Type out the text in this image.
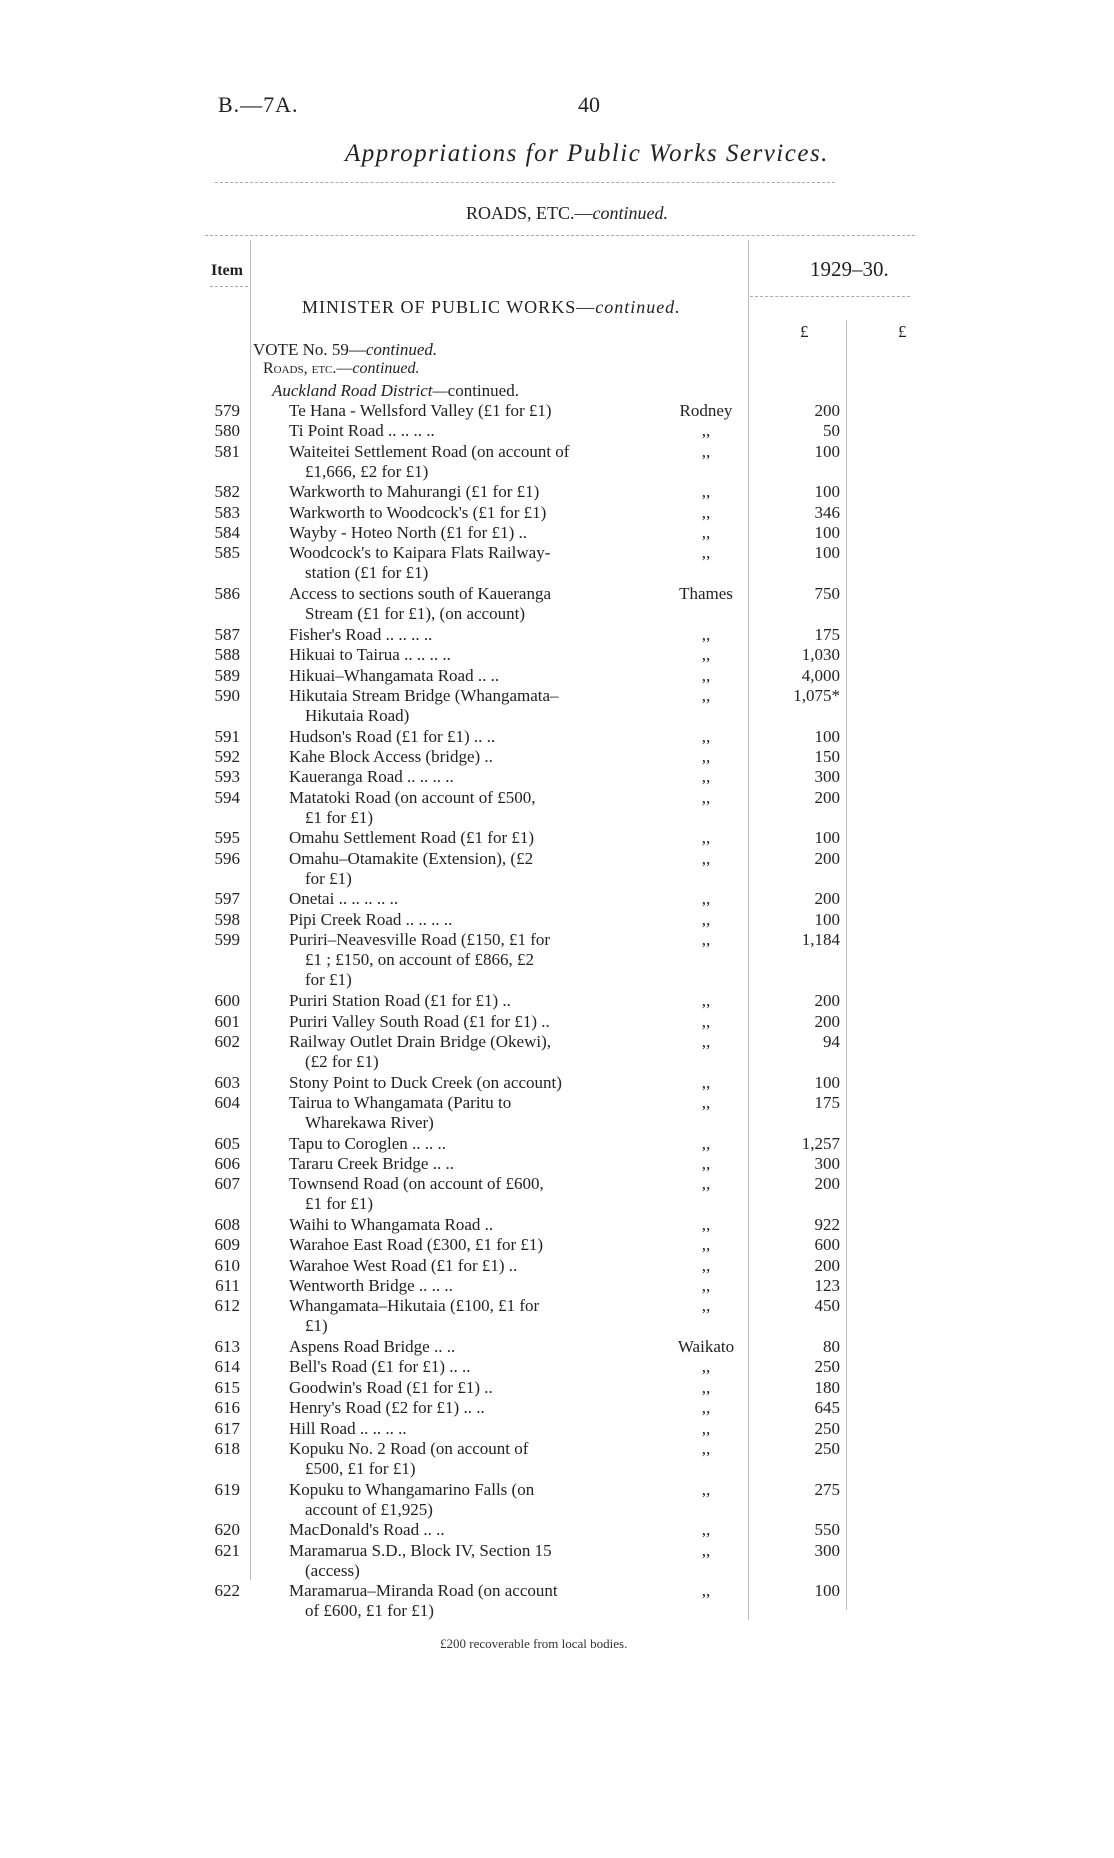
B.—7A.	40
Appropriations for Public Works Services.
ROADS, ETC.—continued.
Item	1929–30.
MINISTER OF PUBLIC WORKS—continued.
£	£
VOTE No. 59—continued.
Roads, etc.—continued.
Auckland Road District—continued.
579	Te Hana - Wellsford Valley (£1 for £1)	Rodney	200
580	Ti Point Road .. .. .. ..	,,	50
581	Waiteitei Settlement Road (on account of
£1,666, £2 for £1)
,,	100
582	Warkworth to Mahurangi (£1 for £1)	,,	100
583	Warkworth to Woodcock's (£1 for £1)	,,	346
584	Wayby - Hoteo North (£1 for £1) ..	,,	100
585	Woodcock's to Kaipara Flats Railway-
station (£1 for £1)
,,	100
586	Access to sections south of Kaueranga
Stream (£1 for £1), (on account)
Thames	750
587	Fisher's Road .. .. .. ..	,,	175
588	Hikuai to Tairua .. .. .. ..	,,	1,030
589	Hikuai–Whangamata Road .. ..	,,	4,000
590	Hikutaia Stream Bridge (Whangamata–
Hikutaia Road)
,,	1,075*
591	Hudson's Road (£1 for £1) .. ..	,,	100
592	Kahe Block Access (bridge) ..	,,	150
593	Kaueranga Road .. .. .. ..	,,	300
594	Matatoki Road (on account of £500,
£1 for £1)
,,	200
595	Omahu Settlement Road (£1 for £1)	,,	100
596	Omahu–Otamakite (Extension), (£2
for £1)
,,	200
597	Onetai .. .. .. .. ..	,,	200
598	Pipi Creek Road .. .. .. ..	,,	100
599	Puriri–Neavesville Road (£150, £1 for
£1 ; £150, on account of £866, £2
for £1)
,,	1,184
600	Puriri Station Road (£1 for £1) ..	,,	200
601	Puriri Valley South Road (£1 for £1) ..	,,	200
602	Railway Outlet Drain Bridge (Okewi),
(£2 for £1)
,,	94
603	Stony Point to Duck Creek (on account)	,,	100
604	Tairua to Whangamata (Paritu to
Wharekawa River)
,,	175
605	Tapu to Coroglen .. .. ..	,,	1,257
606	Tararu Creek Bridge .. ..	,,	300
607	Townsend Road (on account of £600,
£1 for £1)
,,	200
608	Waihi to Whangamata Road ..	,,	922
609	Warahoe East Road (£300, £1 for £1)	,,	600
610	Warahoe West Road (£1 for £1) ..	,,	200
611	Wentworth Bridge .. .. ..	,,	123
612	Whangamata–Hikutaia (£100, £1 for
£1)
,,	450
613	Aspens Road Bridge .. ..	Waikato	80
614	Bell's Road (£1 for £1) .. ..	,,	250
615	Goodwin's Road (£1 for £1) ..	,,	180
616	Henry's Road (£2 for £1) .. ..	,,	645
617	Hill Road .. .. .. ..	,,	250
618	Kopuku No. 2 Road (on account of
£500, £1 for £1)
,,	250
619	Kopuku to Whangamarino Falls (on
account of £1,925)
,,	275
620	MacDonald's Road .. ..	,,	550
621	Maramarua S.D., Block IV, Section 15
(access)
,,	300
622	Maramarua–Miranda Road (on account
of £600, £1 for £1)
,,	100
£200 recoverable from local bodies.
